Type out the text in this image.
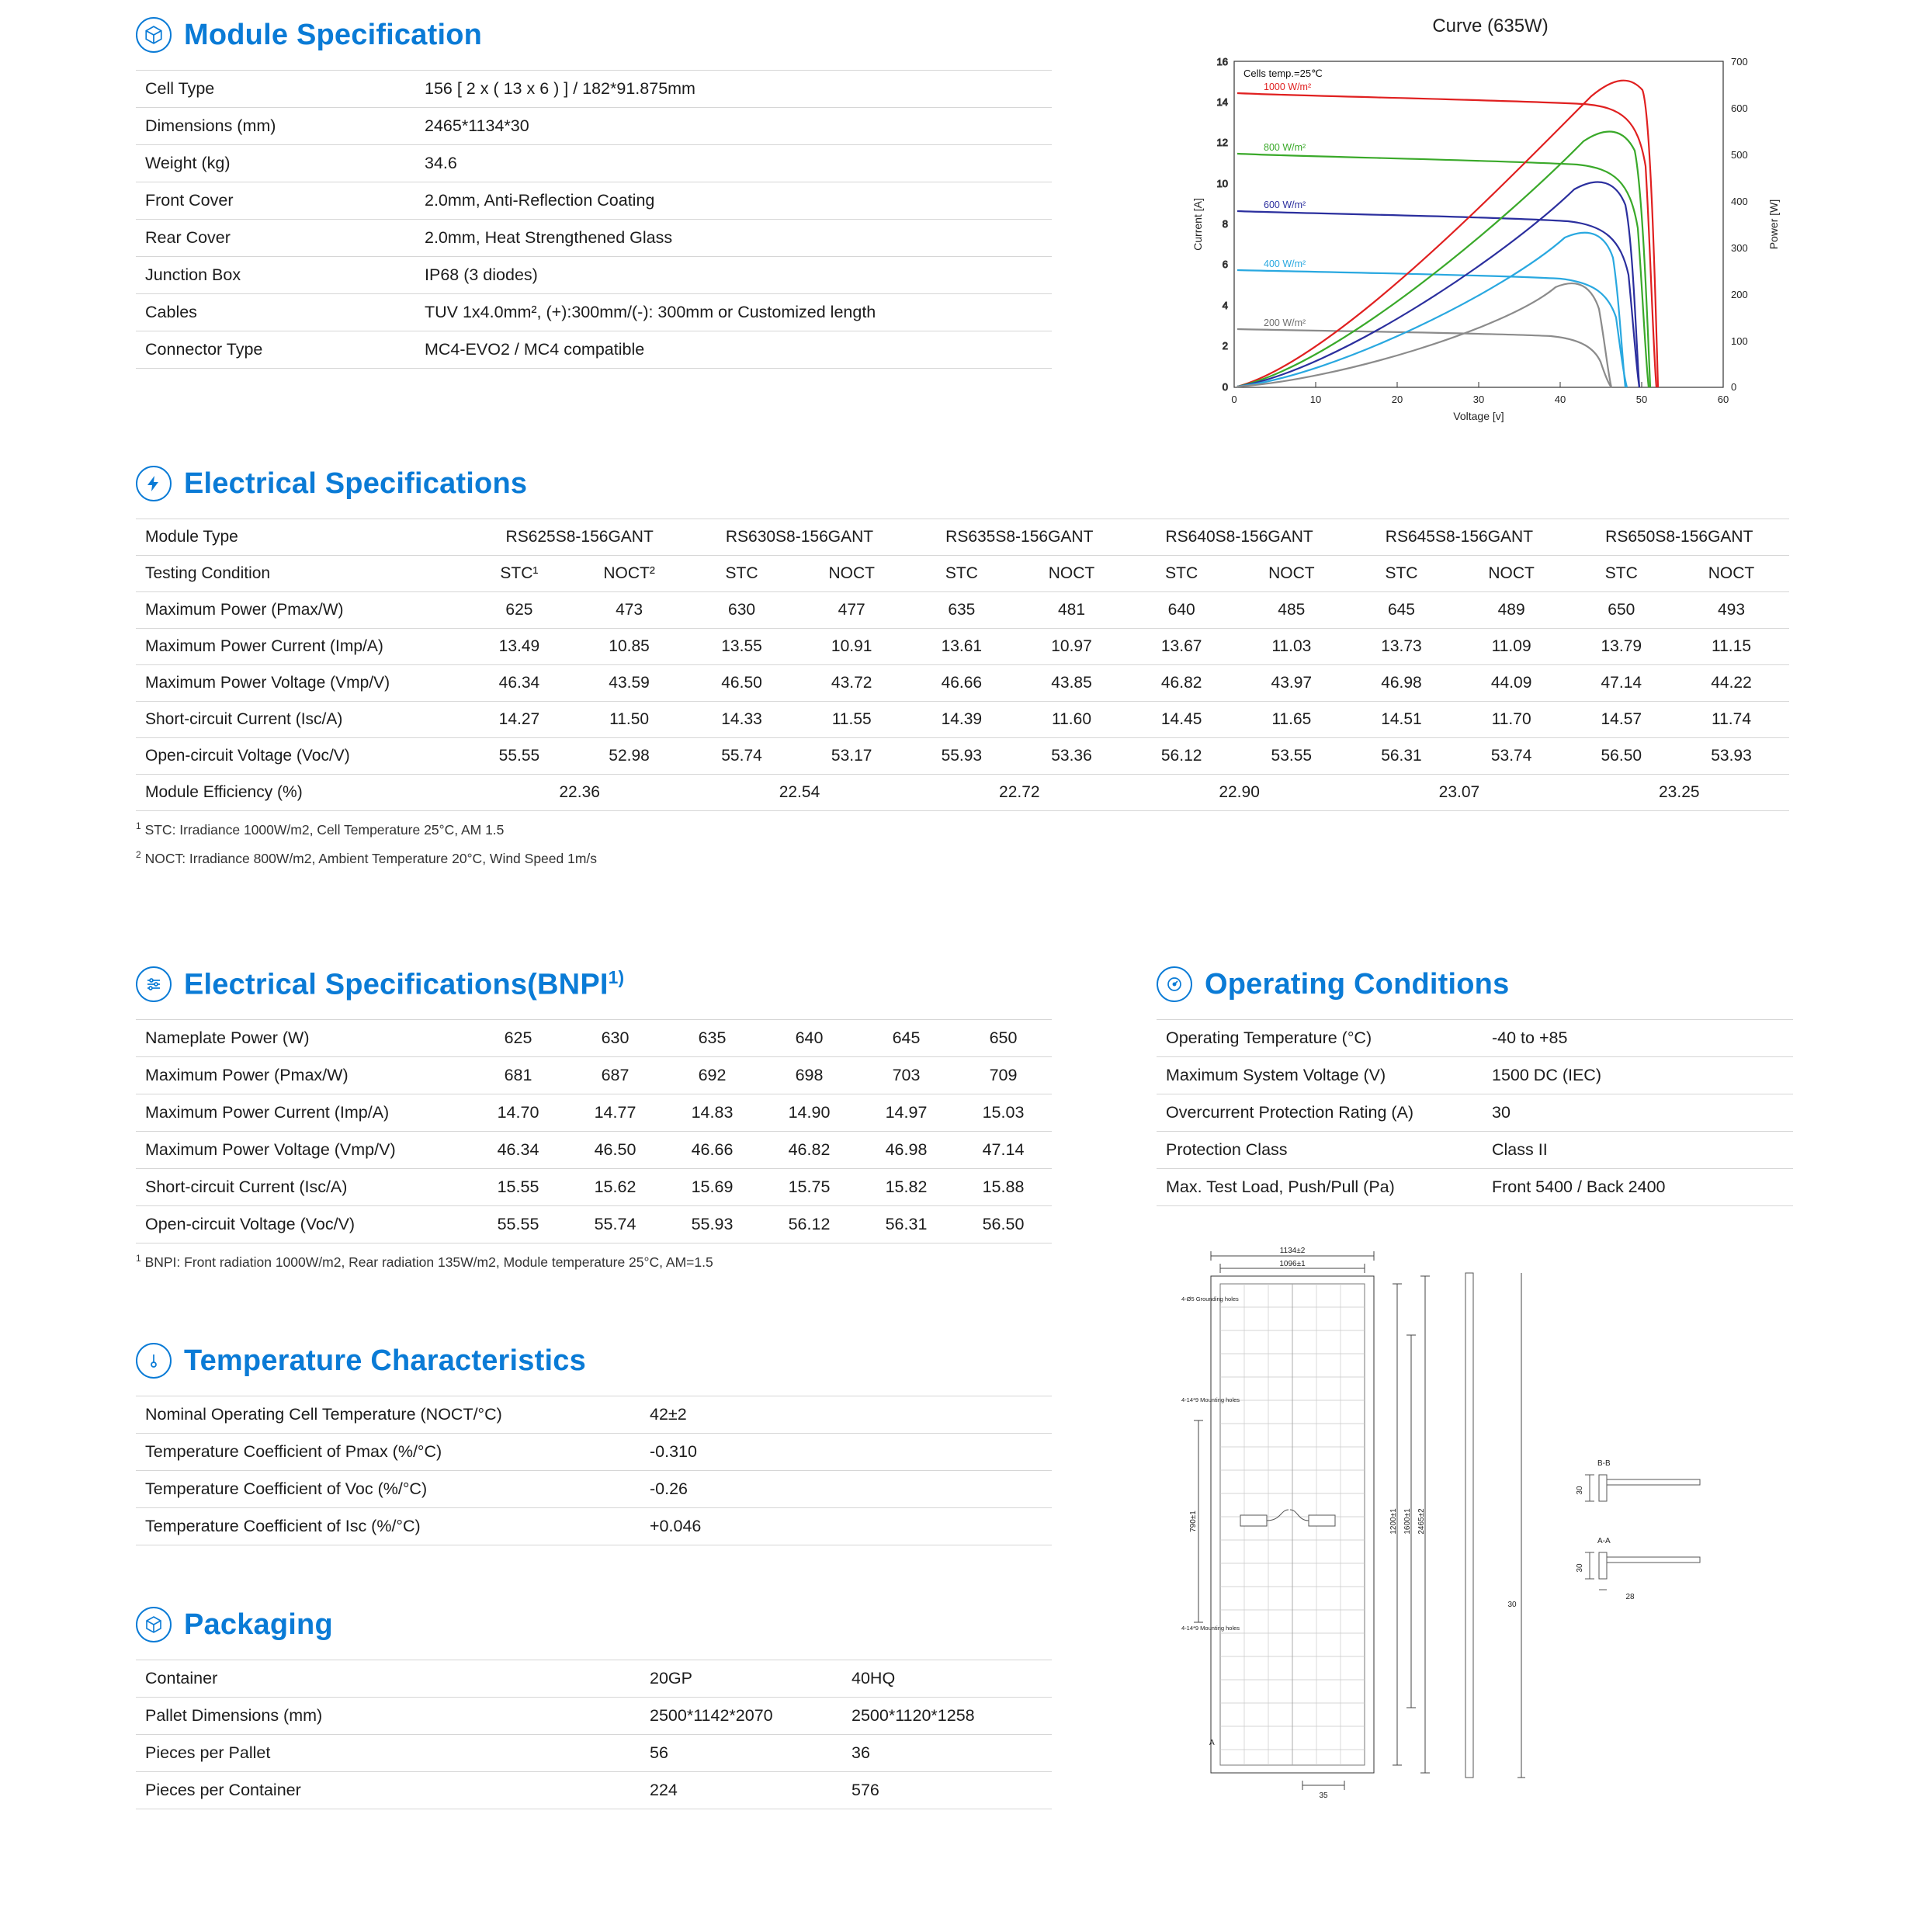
Module Specification
Cell Type	156 [ 2 x ( 13 x 6 ) ] / 182*91.875mm
Dimensions (mm)	2465*1134*30
Weight (kg)	34.6
Front Cover	2.0mm, Anti-Reflection Coating
Rear Cover	2.0mm, Heat Strengthened Glass
Junction Box	IP68 (3 diodes)
Cables	TUV 1x4.0mm², (+):300mm/(-): 300mm or Customized length
Connector Type	MC4-EVO2 / MC4 compatible
Curve (635W)
16
14
12
10
8
6
4
2
0
700
600
500
400
300
200
100
0
0	10	20	30	40	50	60
Voltage [v]
Current [A]	Power [W]
Cells temp.=25℃
1000 W/m²
800 W/m²
600 W/m²
400 W/m²
200 W/m²
Electrical Specifications
Module Type	RS625S8-156GANT		RS630S8-156GANT		RS635S8-156GANT		RS640S8-156GANT		RS645S8-156GANT		RS650S8-156GANT	
Testing Condition	STC¹	NOCT²	STC	NOCT	STC	NOCT	STC	NOCT	STC	NOCT	STC	NOCT
Maximum Power (Pmax/W)	625	473	630	477	635	481	640	485	645	489	650	493
Maximum Power Current (Imp/A)	13.49	10.85	13.55	10.91	13.61	10.97	13.67	11.03	13.73	11.09	13.79	11.15
Maximum Power Voltage (Vmp/V)	46.34	43.59	46.50	43.72	46.66	43.85	46.82	43.97	46.98	44.09	47.14	44.22
Short-circuit Current (Isc/A)	14.27	11.50	14.33	11.55	14.39	11.60	14.45	11.65	14.51	11.70	14.57	11.74
Open-circuit Voltage (Voc/V)	55.55	52.98	55.74	53.17	55.93	53.36	56.12	53.55	56.31	53.74	56.50	53.93
Module Efficiency (%)	22.36		22.54		22.72		22.90		23.07		23.25	
$^1$ STC: Irradiance 1000W/m2, Cell Temperature 25°C, AM 1.5
$^2$ NOCT: Irradiance 800W/m2, Ambient Temperature 20°C, Wind Speed 1m/s
Electrical Specifications(BNPI$^{1)}$
Nameplate Power (W)	625	630	635	640	645	650
Maximum Power (Pmax/W)	681	687	692	698	703	709
Maximum Power Current (Imp/A)	14.70	14.77	14.83	14.90	14.97	15.03
Maximum Power Voltage (Vmp/V)	46.34	46.50	46.66	46.82	46.98	47.14
Short-circuit Current (Isc/A)	15.55	15.62	15.69	15.75	15.82	15.88
Open-circuit Voltage (Voc/V)	55.55	55.74	55.93	56.12	56.31	56.50
$^1$ BNPI: Front radiation 1000W/m2, Rear radiation 135W/m2, Module temperature 25°C, AM=1.5
Operating Conditions
Operating Temperature (°C)	-40 to +85
Maximum System Voltage (V)	1500 DC (IEC)
Overcurrent Protection Rating (A)	30
Protection Class	Class II
Max. Test Load, Push/Pull (Pa)	Front 5400 / Back 2400
Temperature Characteristics
Nominal Operating Cell Temperature (NOCT/°C)	42±2
Temperature Coefficient of Pmax (%/°C)	-0.310
Temperature Coefficient of Voc (%/°C)	-0.26
Temperature Coefficient of Isc (%/°C)	+0.046
Packaging
Container	20GP	40HQ
Pallet Dimensions (mm)	2500*1142*2070	2500*1120*1258
Pieces per Pallet	56	36
Pieces per Container	224	576
1134±2
1096±1
4-Ø5 Grounding holes
4-14*9 Mounting holes
4-14*9 Mounting holes
790±1	1200±1 1600±1 2465±2
35
A
B-B
A-A
30
30
28
30
